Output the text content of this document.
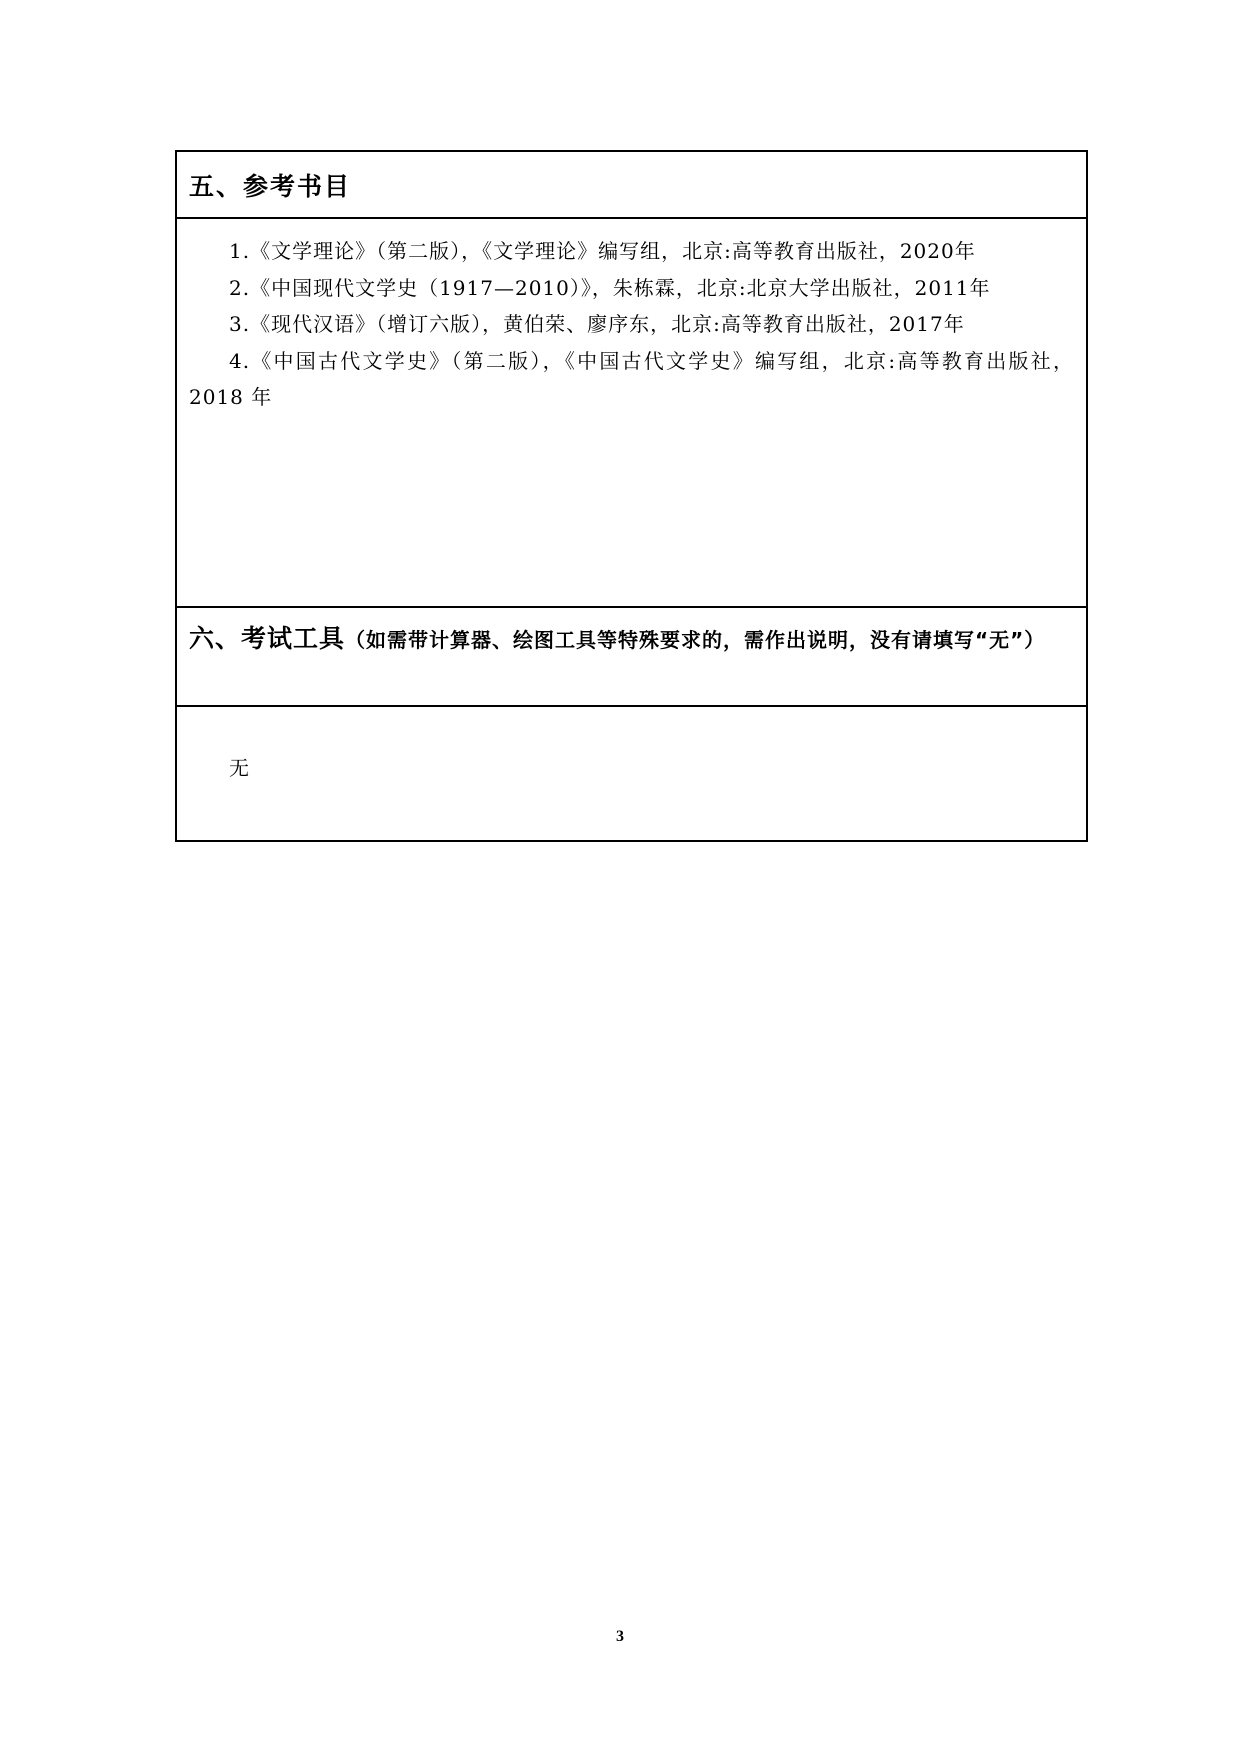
五、参考书目

1.《文学理论》（第二版），《文学理论》编写组，北京:高等教育出版社，2020年

2.《中国现代文学史（1917—2010）》，朱栋霖，北京:北京大学出版社，2011年

3.《现代汉语》（增订六版），黄伯荣、廖序东，北京:高等教育出版社，2017年

4.《中国古代文学史》（第二版），《中国古代文学史》编写组，北京:高等教育出版社，2018 年

六、考试工具（如需带计算器、绘图工具等特殊要求的，需作出说明，没有请填写“无”）
无
3
